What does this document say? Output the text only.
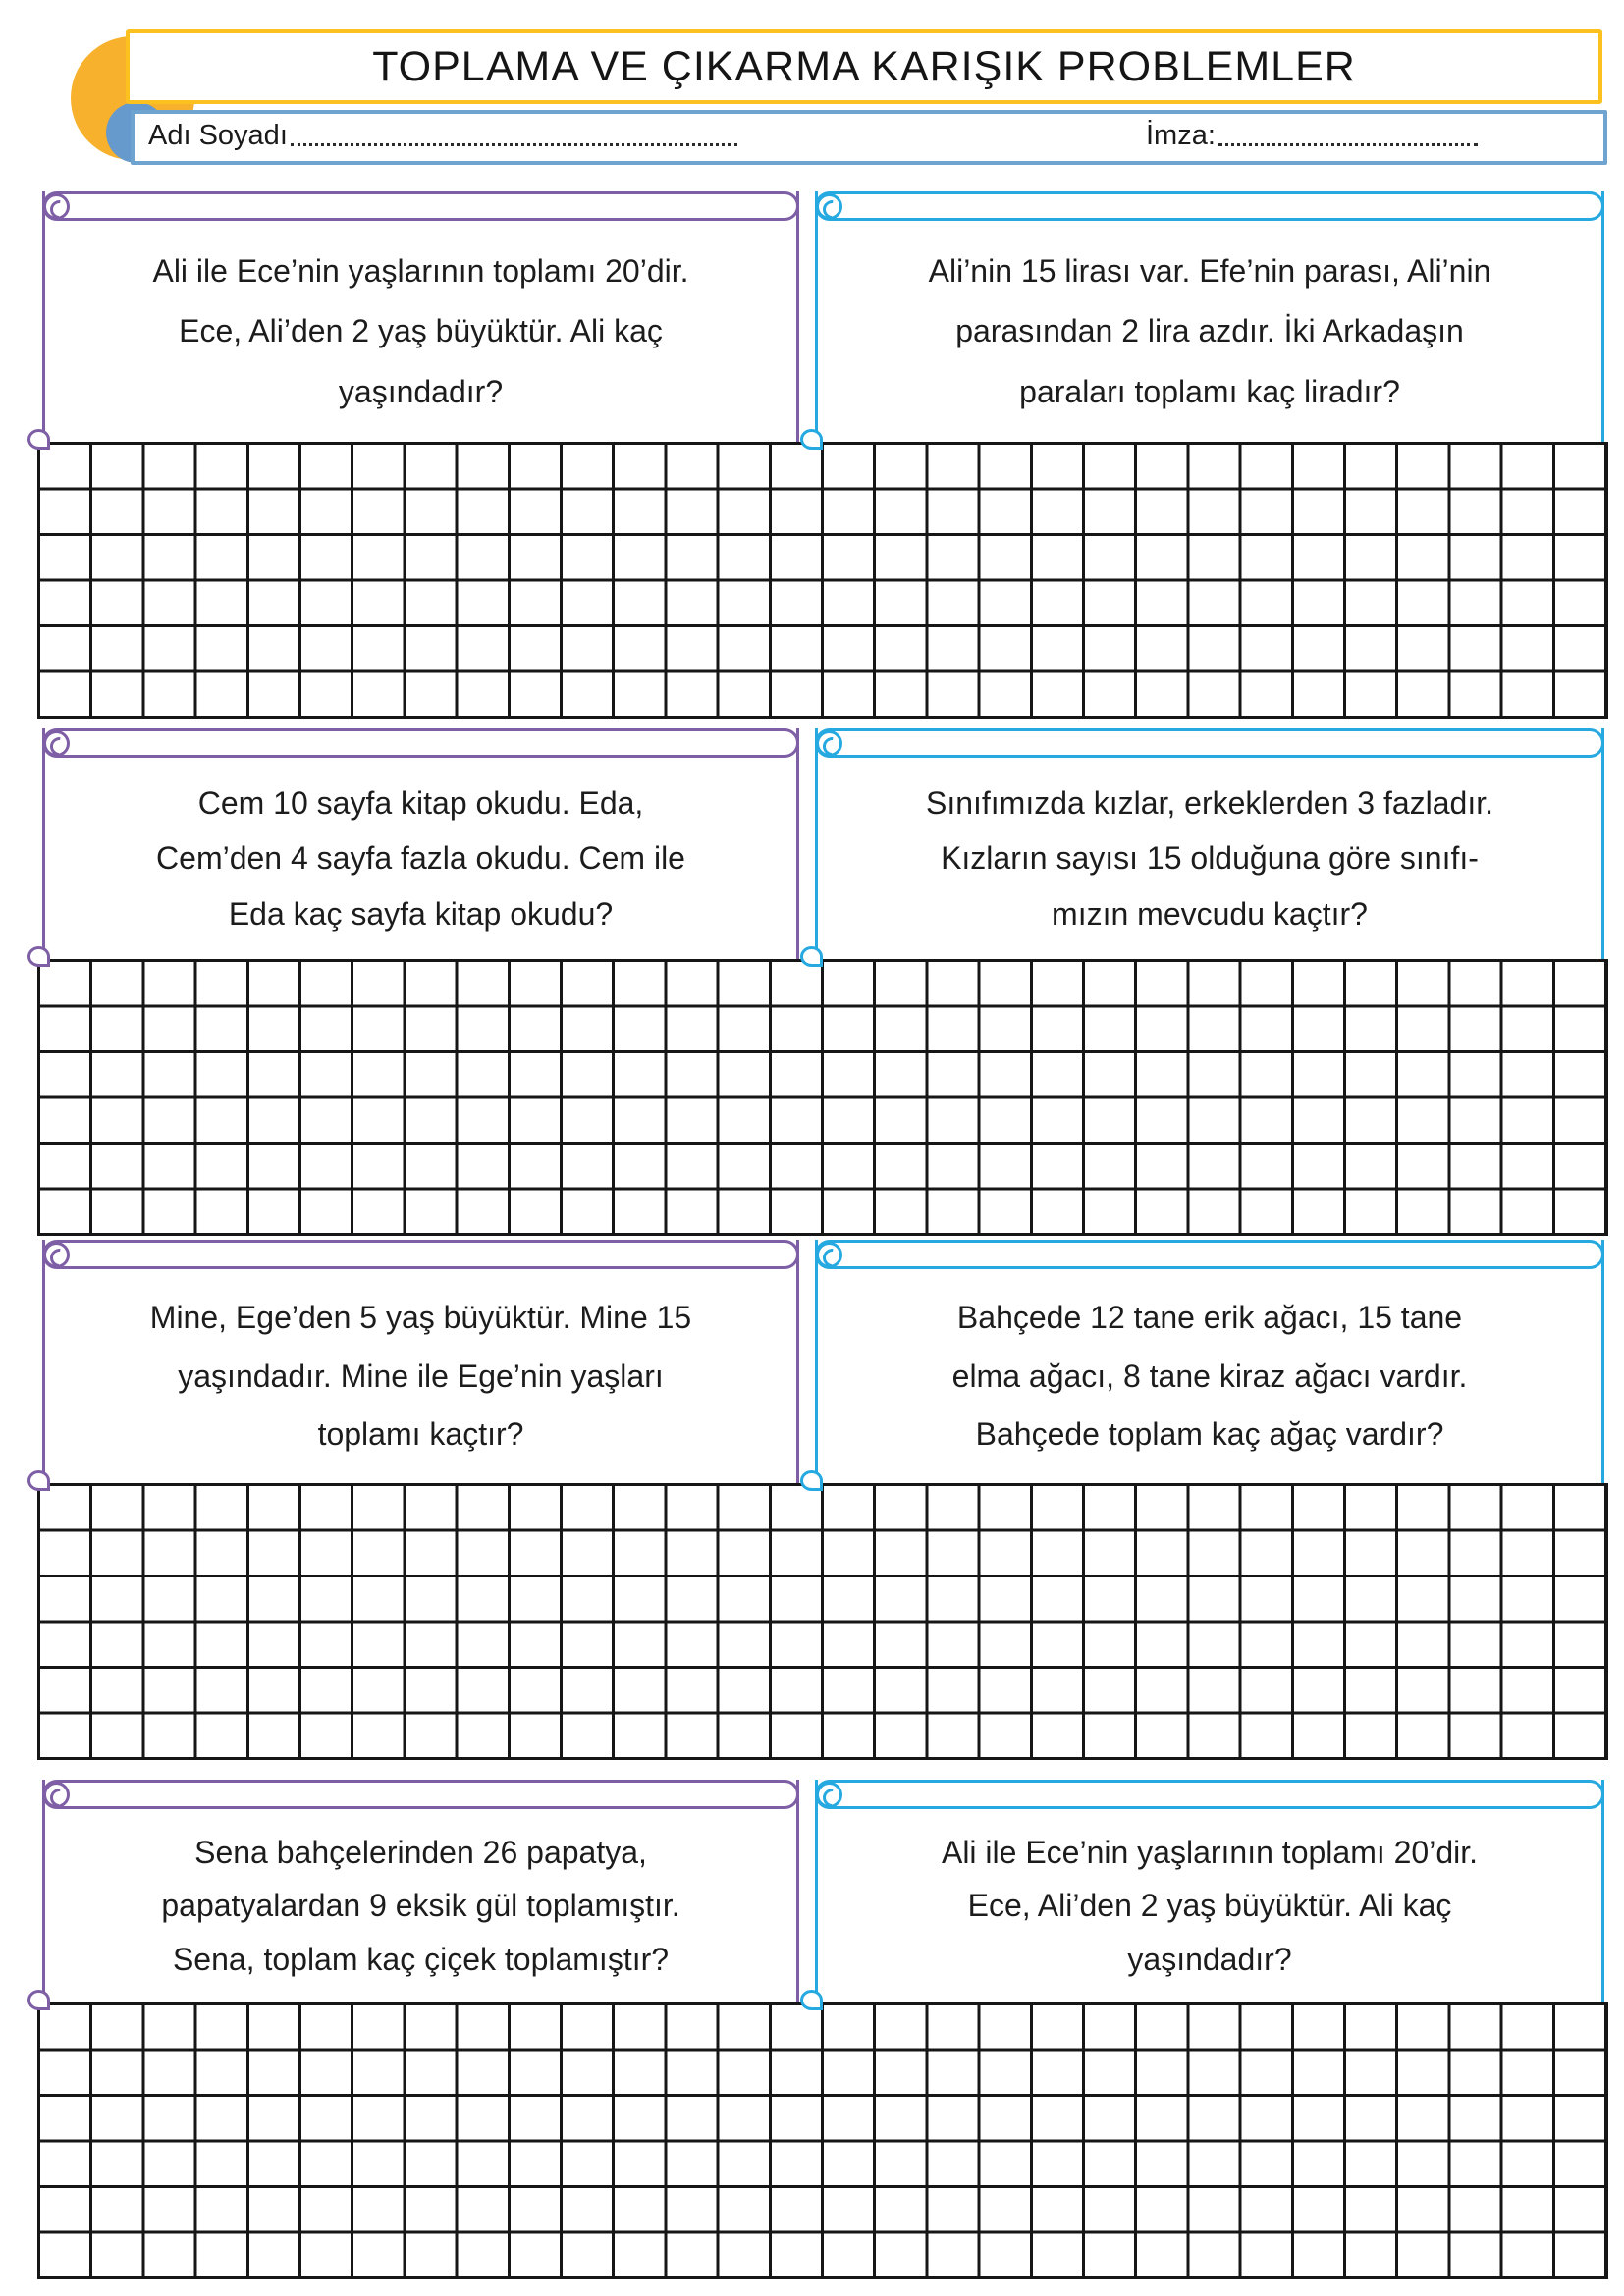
TOPLAMA VE ÇIKARMA KARIŞIK PROBLEMLER
Adı Soyadı	İmza:
Ali ile Ece’nin yaşlarının toplamı 20’dir.
Ece, Ali’den 2 yaş büyüktür. Ali kaç
yaşındadır?
Ali’nin 15 lirası var. Efe’nin parası, Ali’nin
parasından 2 lira azdır. İki Arkadaşın
paraları toplamı kaç liradır?
Cem 10 sayfa kitap okudu. Eda,
Cem’den 4 sayfa fazla okudu. Cem ile
Eda kaç sayfa kitap okudu?
Sınıfımızda kızlar, erkeklerden 3 fazladır.
Kızların sayısı 15 olduğuna göre sınıfı-
mızın mevcudu kaçtır?
Mine, Ege’den 5 yaş büyüktür. Mine 15
yaşındadır. Mine ile Ege’nin yaşları
toplamı kaçtır?
Bahçede 12 tane erik ağacı, 15 tane
elma ağacı, 8 tane kiraz ağacı vardır.
Bahçede toplam kaç ağaç vardır?
Sena bahçelerinden 26 papatya,
papatyalardan 9 eksik gül toplamıştır.
Sena, toplam kaç çiçek toplamıştır?
Ali ile Ece’nin yaşlarının toplamı 20’dir.
Ece, Ali’den 2 yaş büyüktür. Ali kaç
yaşındadır?
